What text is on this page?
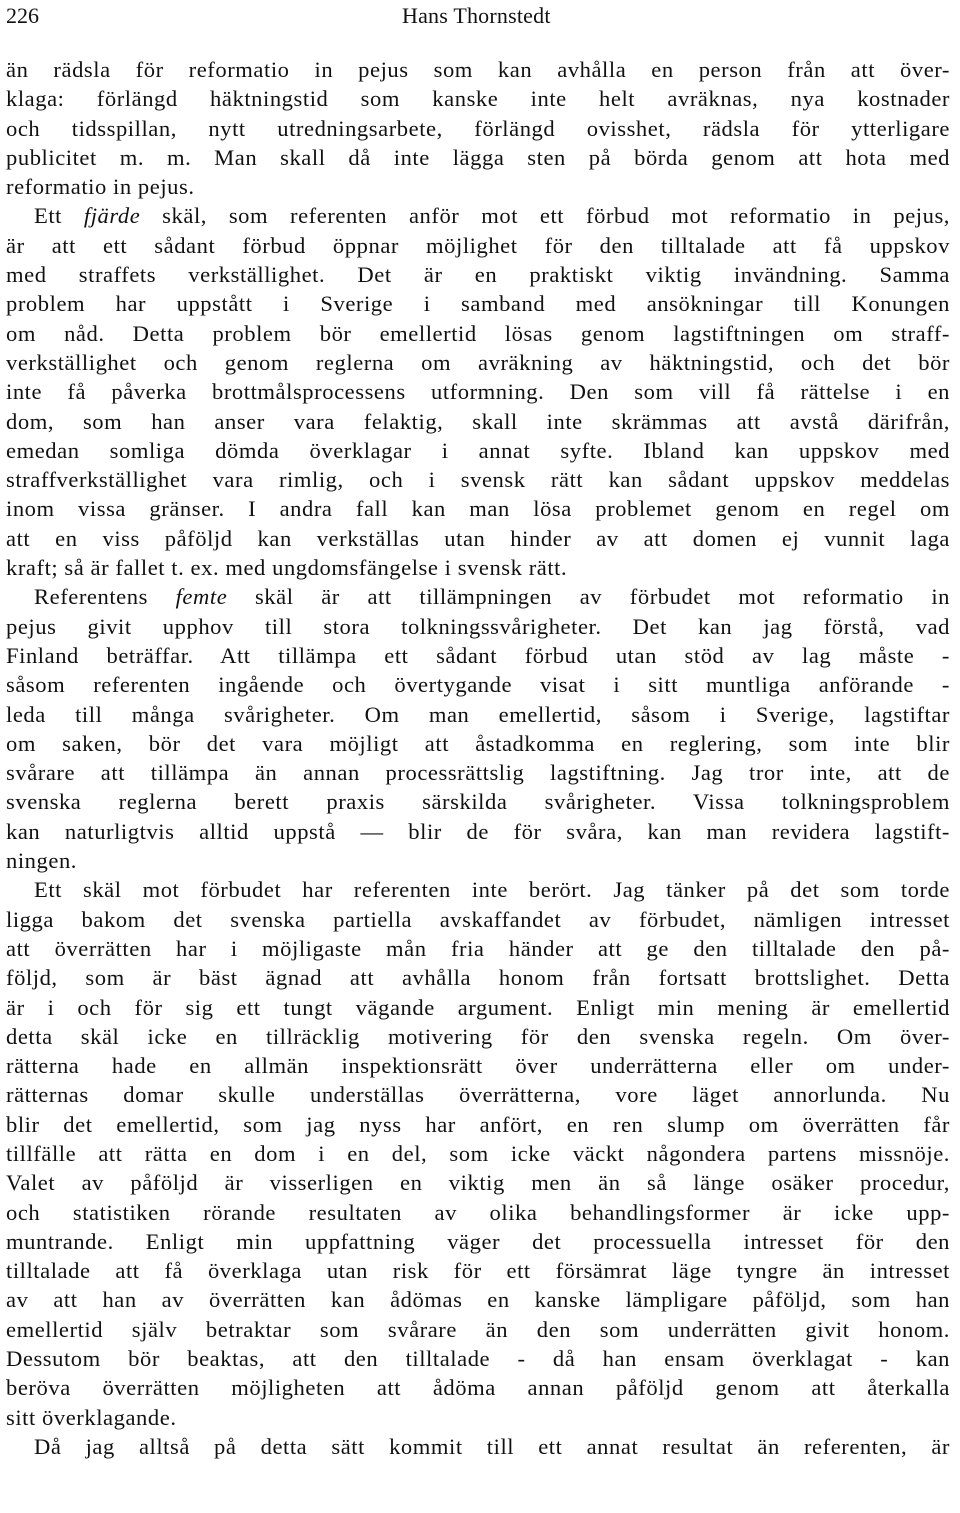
226	Hans Thornstedt
än rädsla för reformatio in pejus som kan avhålla en person från att över-
klaga: förlängd häktningstid som kanske inte helt avräknas, nya kostnader
och tidsspillan, nytt utredningsarbete, förlängd ovisshet, rädsla för ytterligare
publicitet m. m. Man skall då inte lägga sten på börda genom att hota med
reformatio in pejus.
Ett fjärde skäl, som referenten anför mot ett förbud mot reformatio in pejus,
är att ett sådant förbud öppnar möjlighet för den tilltalade att få uppskov
med straffets verkställighet. Det är en praktiskt viktig invändning. Samma
problem har uppstått i Sverige i samband med ansökningar till Konungen
om nåd. Detta problem bör emellertid lösas genom lagstiftningen om straff-
verkställighet och genom reglerna om avräkning av häktningstid, och det bör
inte få påverka brottmålsprocessens utformning. Den som vill få rättelse i en
dom, som han anser vara felaktig, skall inte skrämmas att avstå därifrån,
emedan somliga dömda överklagar i annat syfte. Ibland kan uppskov med
straffverkställighet vara rimlig, och i svensk rätt kan sådant uppskov meddelas
inom vissa gränser. I andra fall kan man lösa problemet genom en regel om
att en viss påföljd kan verkställas utan hinder av att domen ej vunnit laga
kraft; så är fallet t. ex. med ungdomsfängelse i svensk rätt.
Referentens femte skäl är att tillämpningen av förbudet mot reformatio in
pejus givit upphov till stora tolkningssvårigheter. Det kan jag förstå, vad
Finland beträffar. Att tillämpa ett sådant förbud utan stöd av lag måste -
såsom referenten ingående och övertygande visat i sitt muntliga anförande -
leda till många svårigheter. Om man emellertid, såsom i Sverige, lagstiftar
om saken, bör det vara möjligt att åstadkomma en reglering, som inte blir
svårare att tillämpa än annan processrättslig lagstiftning. Jag tror inte, att de
svenska reglerna berett praxis särskilda svårigheter. Vissa tolkningsproblem
kan naturligtvis alltid uppstå — blir de för svåra, kan man revidera lagstift-
ningen.
Ett skäl mot förbudet har referenten inte berört. Jag tänker på det som torde
ligga bakom det svenska partiella avskaffandet av förbudet, nämligen intresset
att överrätten har i möjligaste mån fria händer att ge den tilltalade den på-
följd, som är bäst ägnad att avhålla honom från fortsatt brottslighet. Detta
är i och för sig ett tungt vägande argument. Enligt min mening är emellertid
detta skäl icke en tillräcklig motivering för den svenska regeln. Om över-
rätterna hade en allmän inspektionsrätt över underrätterna eller om under-
rätternas domar skulle underställas överrätterna, vore läget annorlunda. Nu
blir det emellertid, som jag nyss har anfört, en ren slump om överrätten får
tillfälle att rätta en dom i en del, som icke väckt någondera partens missnöje.
Valet av påföljd är visserligen en viktig men än så länge osäker procedur,
och statistiken rörande resultaten av olika behandlingsformer är icke upp-
muntrande. Enligt min uppfattning väger det processuella intresset för den
tilltalade att få överklaga utan risk för ett försämrat läge tyngre än intresset
av att han av överrätten kan ådömas en kanske lämpligare påföljd, som han
emellertid själv betraktar som svårare än den som underrätten givit honom.
Dessutom bör beaktas, att den tilltalade - då han ensam överklagat - kan
beröva överrätten möjligheten att ådöma annan påföljd genom att återkalla
sitt överklagande.
Då jag alltså på detta sätt kommit till ett annat resultat än referenten, är
